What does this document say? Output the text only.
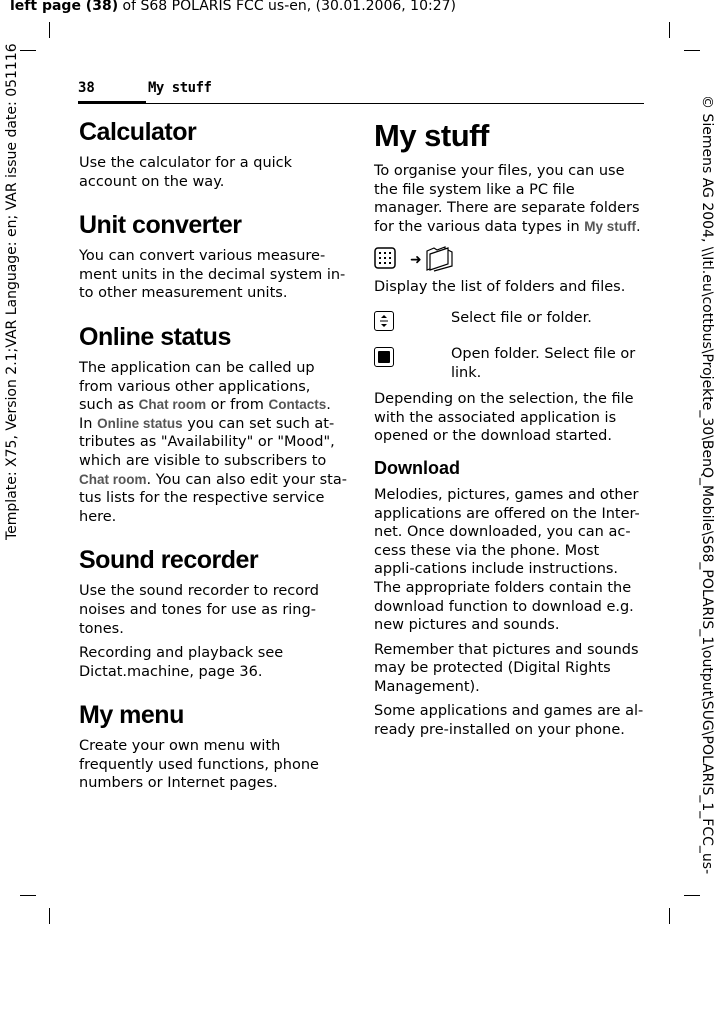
left page (38) of S68 POLARIS FCC us-en, (30.01.2006, 10:27)
Template: X75, Version 2.1;VAR Language: en; VAR issue date: 051116	© Siemens AG 2004, \\Itl.eu\cottbus\Projekte_30\BenQ_Mobile\S68_POLARIS_1\output\SUG\POLARIS_1_FCC_us-
38	My stuff
Calculator

Use the calculator for a quick account on the way.

Unit converter

You can convert various measure-ment units in the decimal system in-to other measurement units.

Online status

The application can be called up from various other applications, such as Chat room or from Contacts. In Online status you can set such at-tributes as "Availability" or "Mood", which are visible to subscribers to Chat room. You can also edit your sta-tus lists for the respective service here.

Sound recorder

Use the sound recorder to record noises and tones for use as ring-tones.

Recording and playback see Dictat.machine, page 36.

My menu

Create your own menu with frequently used functions, phone numbers or Internet pages.

My stuff

To organise your files, you can use the file system like a PC file manager. There are separate folders for the various data types in My stuff.

➜

Display the list of folders and files.

Select file or folder.

Open folder. Select file or link.

Depending on the selection, the file with the associated application is opened or the download started.

Download

Melodies, pictures, games and other applications are offered on the Inter-net. Once downloaded, you can ac-cess these via the phone. Most appli-cations include instructions. The appropriate folders contain the download function to download e.g. new pictures and sounds.

Remember that pictures and sounds may be protected (Digital Rights Management).

Some applications and games are al-ready pre-installed on your phone.
